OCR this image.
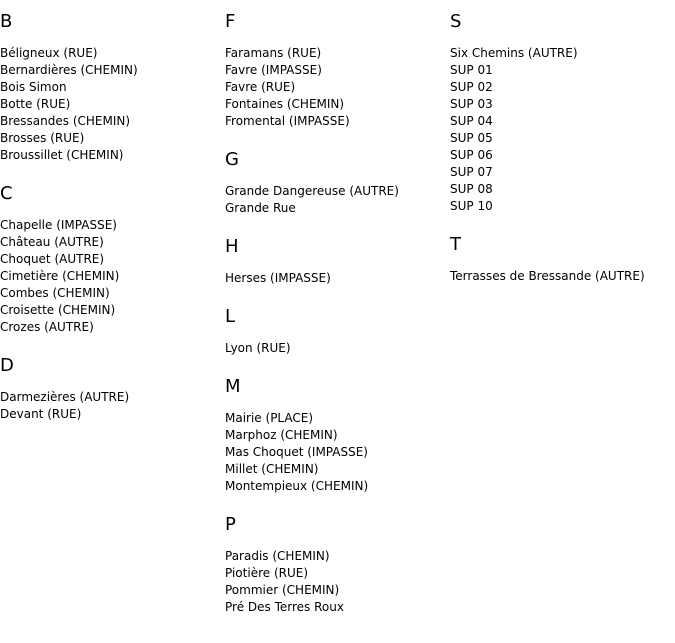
B
Béligneux (RUE)
Bernardières (CHEMIN)
Bois Simon
Botte (RUE)
Bressandes (CHEMIN)
Brosses (RUE)
Broussillet (CHEMIN)
C
Chapelle (IMPASSE)
Château (AUTRE)
Choquet (AUTRE)
Cimetière (CHEMIN)
Combes (CHEMIN)
Croisette (CHEMIN)
Crozes (AUTRE)
D
Darmezières (AUTRE)
Devant (RUE)
F
Faramans (RUE)
Favre (IMPASSE)
Favre (RUE)
Fontaines (CHEMIN)
Fromental (IMPASSE)
G
Grande Dangereuse (AUTRE)
Grande Rue
H
Herses (IMPASSE)
L
Lyon (RUE)
M
Mairie (PLACE)
Marphoz (CHEMIN)
Mas Choquet (IMPASSE)
Millet (CHEMIN)
Montempieux (CHEMIN)
P
Paradis (CHEMIN)
Piotière (RUE)
Pommier (CHEMIN)
Pré Des Terres Roux
S
Six Chemins (AUTRE)
SUP 01
SUP 02
SUP 03
SUP 04
SUP 05
SUP 06
SUP 07
SUP 08
SUP 10
T
Terrasses de Bressande (AUTRE)
